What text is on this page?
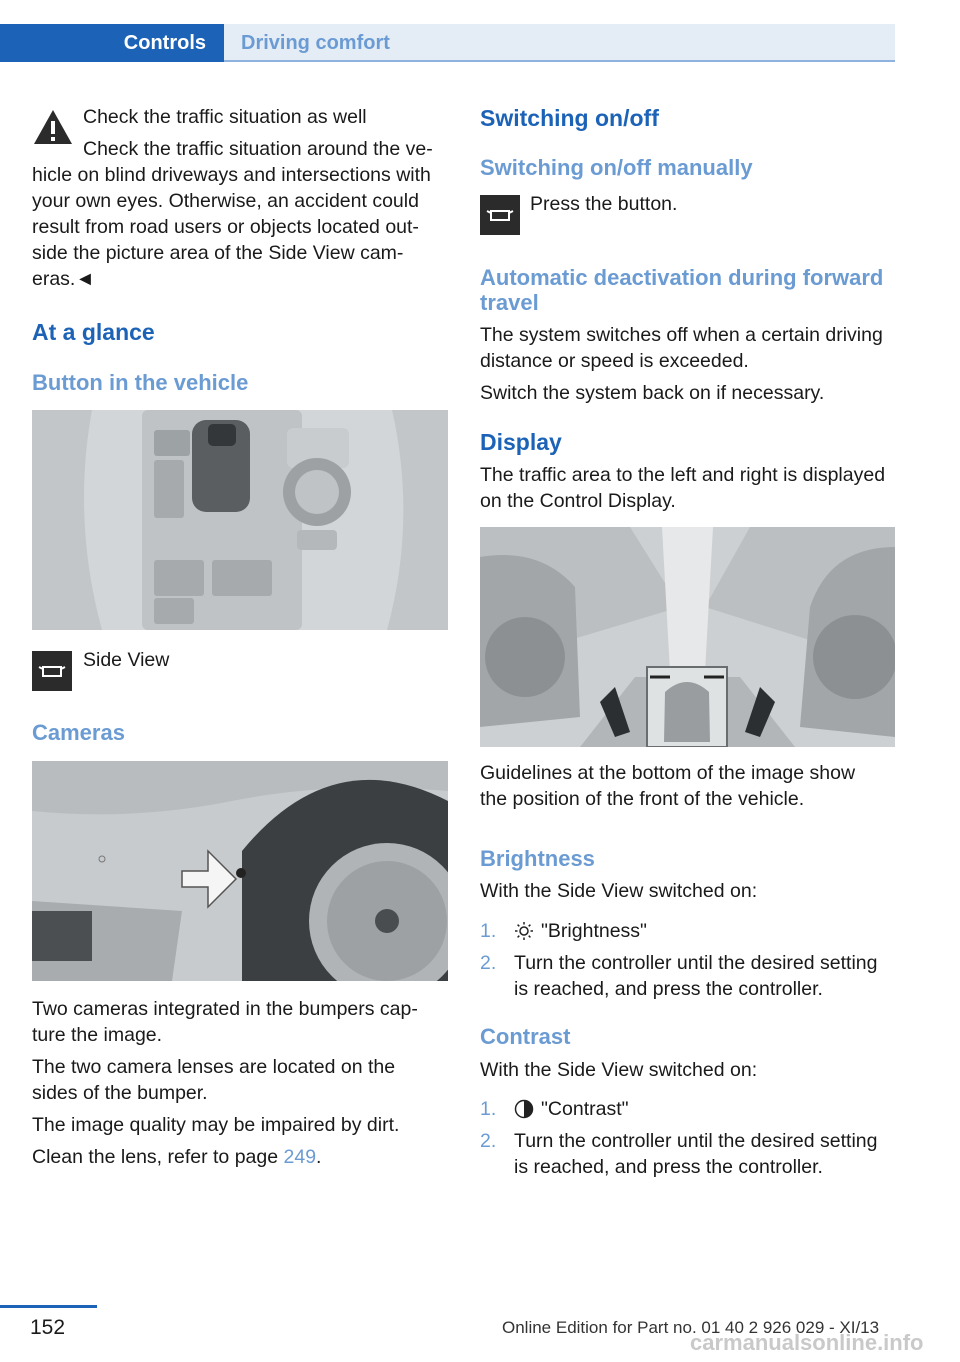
Controls	Driving comfort

Check the traffic situation as well

Check the traffic situation around the ve-

hicle on blind driveways and intersections with

your own eyes. Otherwise, an accident could

result from road users or objects located out-

side the picture area of the Side View cam-

eras.◄

At a glance
Button in the vehicle

Side View

Cameras

Two cameras integrated in the bumpers cap-

ture the image.

The two camera lenses are located on the

sides of the bumper.

The image quality may be impaired by dirt.

Clean the lens, refer to page 249.

Switching on/off
Switching on/off manually

Press the button.

Automatic deactivation during forward
travel

The system switches off when a certain driving

distance or speed is exceeded.

Switch the system back on if necessary.

Display

The traffic area to the left and right is displayed

on the Control Display.

Guidelines at the bottom of the image show

the position of the front of the vehicle.

Brightness

With the Side View switched on:

1. "Brightness"

2. Turn the controller until the desired setting

is reached, and press the controller.

Contrast

With the Side View switched on:

1. "Contrast"

2. Turn the controller until the desired setting

is reached, and press the controller.

152	Online Edition for Part no. 01 40 2 926 029 - XI/13
carmanualsonline.info
